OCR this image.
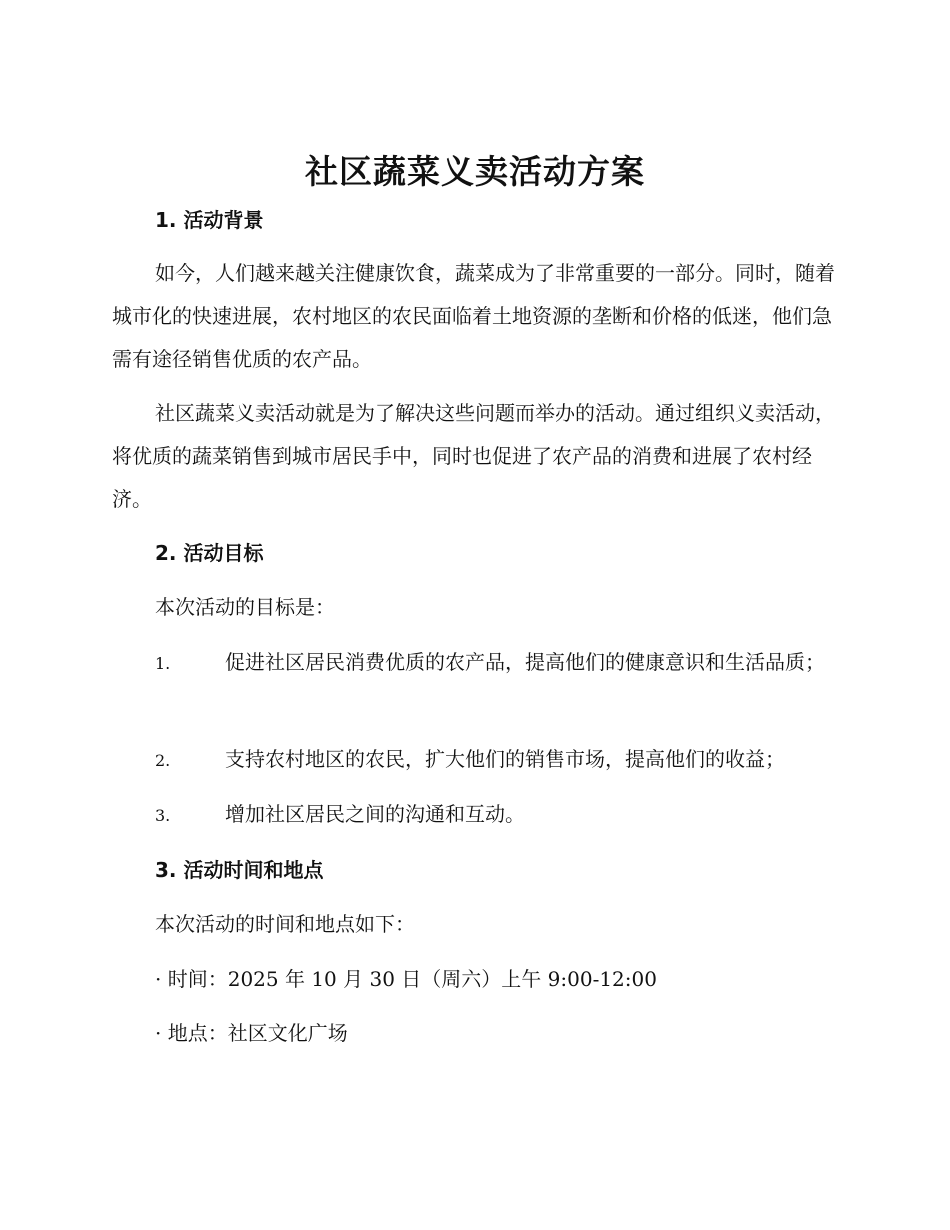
社区蔬菜义卖活动方案
1. 活动背景

如今，人们越来越关注健康饮食，蔬菜成为了非常重要的一部分。同时，随着城市化的快速进展，农村地区的农民面临着土地资源的垄断和价格的低迷，他们急需有途径销售优质的农产品。

社区蔬菜义卖活动就是为了解决这些问题而举办的活动。通过组织义卖活动，将优质的蔬菜销售到城市居民手中，同时也促进了农产品的消费和进展了农村经济。

2. 活动目标

本次活动的目标是：

1.	促进社区居民消费优质的农产品，提高他们的健康意识和生活品质；
2.	支持农村地区的农民，扩大他们的销售市场，提高他们的收益；
3.	增加社区居民之间的沟通和互动。
3. 活动时间和地点

本次活动的时间和地点如下：

· 时间：2025 年 10 月 30 日（周六）上午 9:00-12:00

· 地点：社区文化广场
